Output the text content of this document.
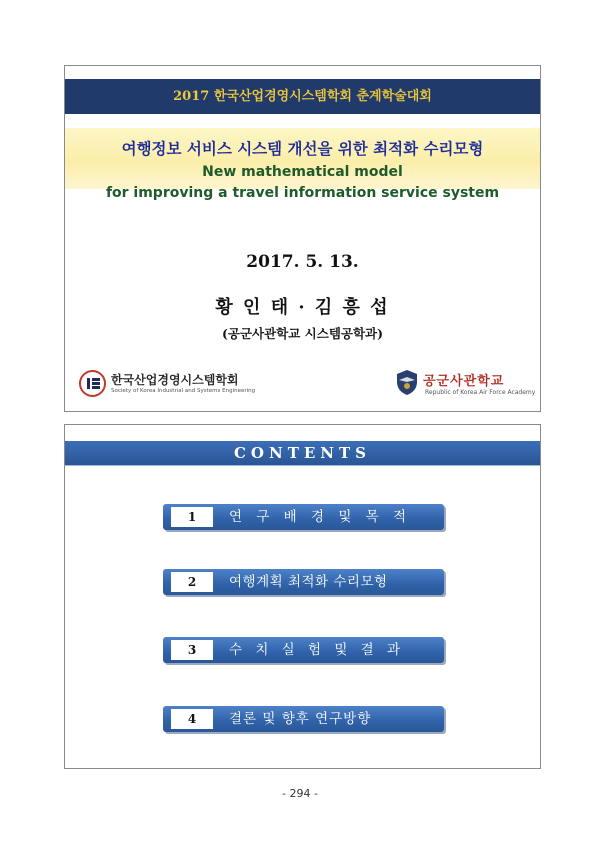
2017 한국산업경영시스템학회 춘계학술대회
여행정보 서비스 시스템 개선을 위한 최적화 수리모형
New mathematical model
for improving a travel information service system
2017. 5. 13.
황 인 태 · 김 흥 섭
(공군사관학교 시스템공학과)
한국산업경영시스템학회
Society of Korea Industrial and Systems Engineering
공군사관학교
Republic of Korea Air Force Academy
CONTENTS
1	연 구 배 경 및 목 적
2	여행계획 최적화 수리모형
3	수 치 실 험 및 결 과
4	결론 및 향후 연구방향
- 294 -
